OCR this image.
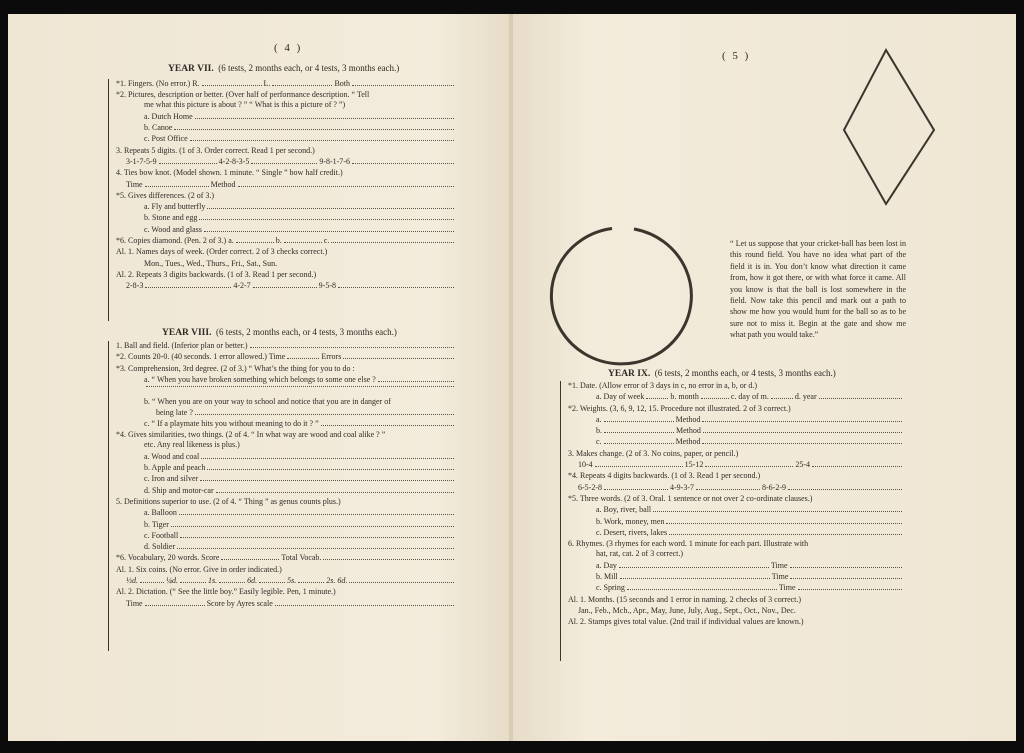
( 4 )
YEAR VII. (6 tests, 2 months each, or 4 tests, 3 months each.)
*1. Fingers. (No error.) R.	L.	Both
*2. Pictures, description or better. (Over half of performance description. “ Tell
me what this picture is about ? ” “ What is this a picture of ? ”)
a. Dutch Home
b. Canoe
c. Post Office
3. Repeats 5 digits. (1 of 3. Order correct. Read 1 per second.)
3-1-7-5-9	4-2-8-3-5	9-8-1-7-6
4. Ties bow knot. (Model shown. 1 minute. “ Single ” bow half credit.)
Time	Method
*5. Gives differences. (2 of 3.)
a. Fly and butterfly
b. Stone and egg
c. Wood and glass
*6. Copies diamond. (Pen. 2 of 3.) a.	b.	c.
Al. 1. Names days of week. (Order correct. 2 of 3 checks correct.)
Mon., Tues., Wed., Thurs., Fri., Sat., Sun.
Al. 2. Repeats 3 digits backwards. (1 of 3. Read 1 per second.)
2-8-3	4-2-7	9-5-8
YEAR VIII. (6 tests, 2 months each, or 4 tests, 3 months each.)
1. Ball and field. (Inferior plan or better.)
*2. Counts 20-0. (40 seconds. 1 error allowed.) Time	Errors
*3. Comprehension, 3rd degree. (2 of 3.) “ What’s the thing for you to do :
a. “ When you have broken something which belongs to some one else ?
b. “ When you are on your way to school and notice that you are in danger of
being late ?
c. “ If a playmate hits you without meaning to do it ? ”
*4. Gives similarities, two things. (2 of 4. “ In what way are wood and coal alike ? ”
etc. Any real likeness is plus.)
a. Wood and coal
b. Apple and peach
c. Iron and silver
d. Ship and motor-car
5. Definitions superior to use. (2 of 4. “ Thing ” as genus counts plus.)
a. Balloon
b. Tiger
c. Football
d. Soldier
*6. Vocabulary, 20 words. Score	Total Vocab.
Al. 1. Six coins. (No error. Give in order indicated.)
½d.	¼d.	1s.	6d.	5s.	2s. 6d.
Al. 2. Dictation. (“ See the little boy.” Easily legible. Pen, 1 minute.)
Time	Score by Ayres scale
( 5 )
“ Let us suppose that your cricket-ball has been lost in this round field. You have no idea what part of the field it is in. You don’t know what direction it came from, how it got there, or with what force it came. All you know is that the ball is lost somewhere in the field. Now take this pencil and mark out a path to show me how you would hunt for the ball so as to be sure not to miss it. Begin at the gate and show me what path you would take.”
YEAR IX. (6 tests, 2 months each, or 4 tests, 3 months each.)
*1. Date. (Allow error of 3 days in c, no error in a, b, or d.)
a. Day of week	b. month	c. day of m.	d. year
*2. Weights. (3, 6, 9, 12, 15. Procedure not illustrated. 2 of 3 correct.)
a.	Method
b.	Method
c.	Method
3. Makes change. (2 of 3. No coins, paper, or pencil.)
10-4	15-12	25-4
*4. Repeats 4 digits backwards. (1 of 3. Read 1 per second.)
6-5-2-8	4-9-3-7	8-6-2-9
*5. Three words. (2 of 3. Oral. 1 sentence or not over 2 co-ordinate clauses.)
a. Boy, river, ball
b. Work, money, men
c. Desert, rivers, lakes
6. Rhymes. (3 rhymes for each word. 1 minute for each part. Illustrate with
hat, rat, cat. 2 of 3 correct.)
a. Day	Time
b. Mill	Time
c. Spring	Time
Al. 1. Months. (15 seconds and 1 error in naming. 2 checks of 3 correct.)
Jan., Feb., Mch., Apr., May, June, July, Aug., Sept., Oct., Nov., Dec.
Al. 2. Stamps gives total value. (2nd trail if individual values are known.)
